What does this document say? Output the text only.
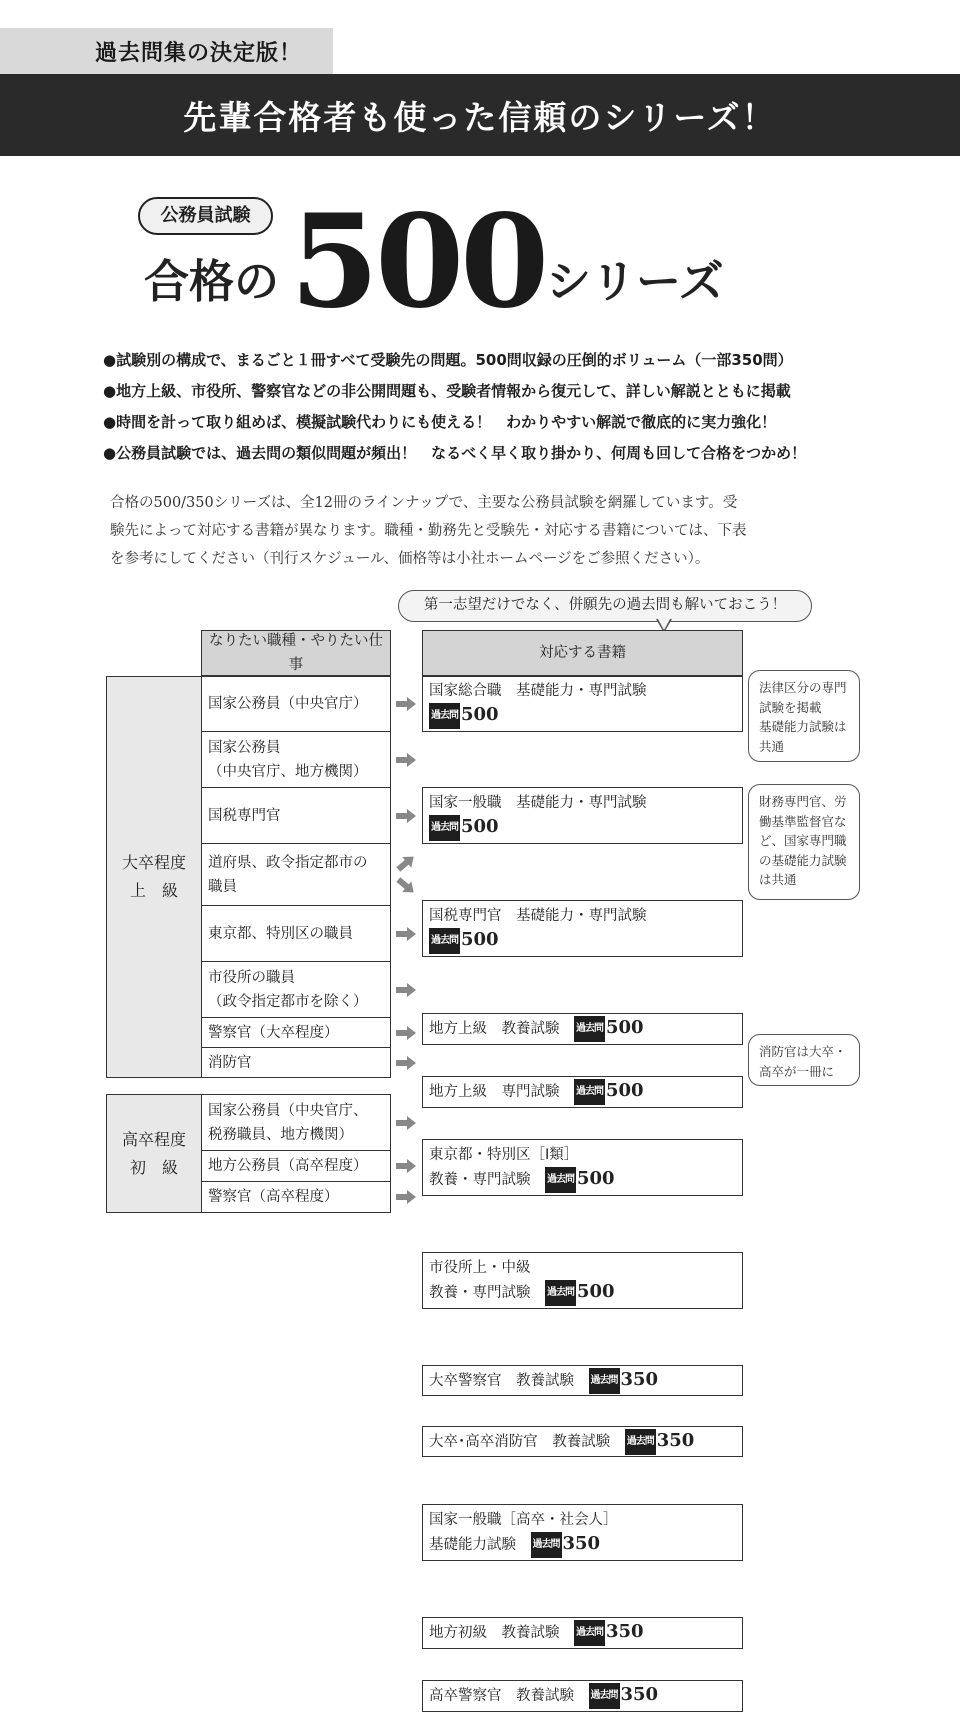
過去問集の決定版！
先輩合格者も使った信頼のシリーズ！
公務員試験
合格の 500 シリーズ
●試験別の構成で、まるごと１冊すべて受験先の問題。500問収録の圧倒的ボリューム（一部350問）
●地方上級、市役所、警察官などの非公開問題も、受験者情報から復元して、詳しい解説とともに掲載
●時間を計って取り組めば、模擬試験代わりにも使える！　わかりやすい解説で徹底的に実力強化！
●公務員試験では、過去問の類似問題が頻出！　なるべく早く取り掛かり、何周も回して合格をつかめ！
合格の500/350シリーズは、全12冊のラインナップで、主要な公務員試験を網羅しています。受験先によって対応する書籍が異なります。職種・勤務先と受験先・対応する書籍については、下表を参考にしてください（刊行スケジュール、価格等は小社ホームページをご参照ください）。
第一志望だけでなく、併願先の過去問も解いておこう！
なりたい職種・やりたい仕事
対応する書籍
大卒程度
上　級
国家公務員（中央官庁）
国家公務員
（中央官庁、地方機関）
国税専門官
道府県、政令指定都市の
職員
東京都、特別区の職員
市役所の職員
（政令指定都市を除く）
警察官（大卒程度）
消防官
国家総合職　基礎能力・専門試験
過去問 500
国家一般職　基礎能力・専門試験
過去問 500
国税専門官　基礎能力・専門試験
過去問 500
地方上級　教養試験　過去問 500
地方上級　専門試験　過去問 500
東京都・特別区［Ⅰ類］
教養・専門試験　過去問 500
市役所上・中級
教養・専門試験　過去問 500
大卒警察官　教養試験　過去問 350
大卒･高卒消防官　教養試験　過去問 350
高卒程度
初　級
国家公務員（中央官庁、
税務職員、地方機関）
国家一般職［高卒・社会人］
基礎能力試験　過去問 350
地方公務員（高卒程度）
地方初級　教養試験　過去問 350
警察官（高卒程度）
高卒警察官　教養試験　過去問 350
法律区分の専門
試験を掲載
基礎能力試験は
共通
財務専門官、労
働基準監督官な
ど、国家専門職
の基礎能力試験
は共通
消防官は大卒・
高卒が一冊に
